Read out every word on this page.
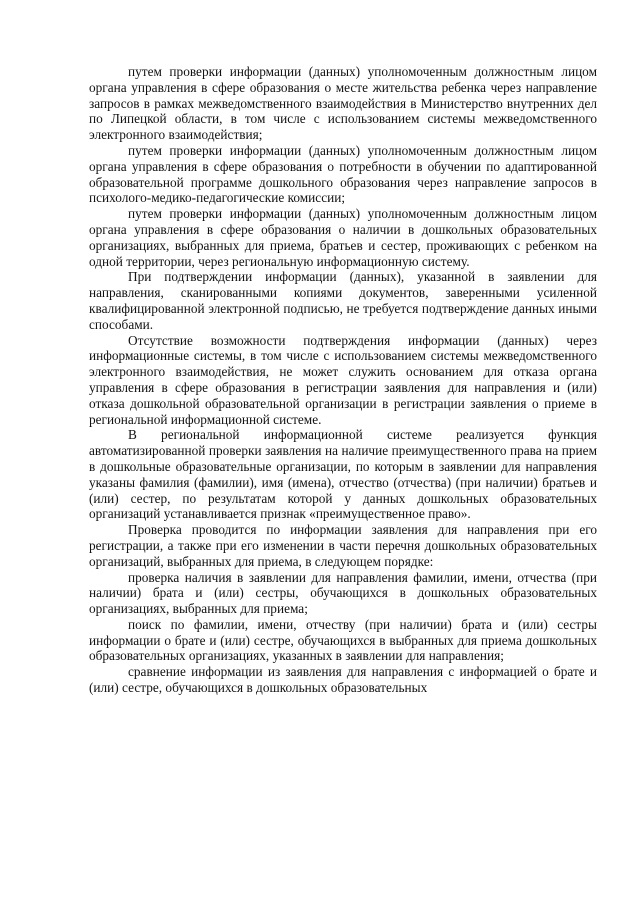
путем проверки информации (данных) уполномоченным должностным лицом органа управления в сфере образования о месте жительства ребенка через направление запросов в рамках межведомственного взаимодействия в Министерство внутренних дел по Липецкой области, в том числе с использованием системы межведомственного электронного взаимодействия;

путем проверки информации (данных) уполномоченным должностным лицом органа управления в сфере образования о потребности в обучении по адаптированной образовательной программе дошкольного образования через направление запросов в психолого-медико-педагогические комиссии;

путем проверки информации (данных) уполномоченным должностным лицом органа управления в сфере образования о наличии в дошкольных образовательных организациях, выбранных для приема, братьев и сестер, проживающих с ребенком на одной территории, через региональную информационную систему.

При подтверждении информации (данных), указанной в заявлении для направления, сканированными копиями документов, заверенными усиленной квалифицированной электронной подписью, не требуется подтверждение данных иными способами.

Отсутствие возможности подтверждения информации (данных) через информационные системы, в том числе с использованием системы межведомственного электронного взаимодействия, не может служить основанием для отказа органа управления в сфере образования в регистрации заявления для направления и (или) отказа дошкольной образовательной организации в регистрации заявления о приеме в региональной информационной системе.

В региональной информационной системе реализуется функция автоматизированной проверки заявления на наличие преимущественного права на прием в дошкольные образовательные организации, по которым в заявлении для направления указаны фамилия (фамилии), имя (имена), отчество (отчества) (при наличии) братьев и (или) сестер, по результатам которой у данных дошкольных образовательных организаций устанавливается признак «преимущественное право».

Проверка проводится по информации заявления для направления при его регистрации, а также при его изменении в части перечня дошкольных образовательных организаций, выбранных для приема, в следующем порядке:

проверка наличия в заявлении для направления фамилии, имени, отчества (при наличии) брата и (или) сестры, обучающихся в дошкольных образовательных организациях, выбранных для приема;

поиск по фамилии, имени, отчеству (при наличии) брата и (или) сестры информации о брате и (или) сестре, обучающихся в выбранных для приема дошкольных образовательных организациях, указанных в заявлении для направления;

сравнение информации из заявления для направления с информацией о брате и (или) сестре, обучающихся в дошкольных образовательных
